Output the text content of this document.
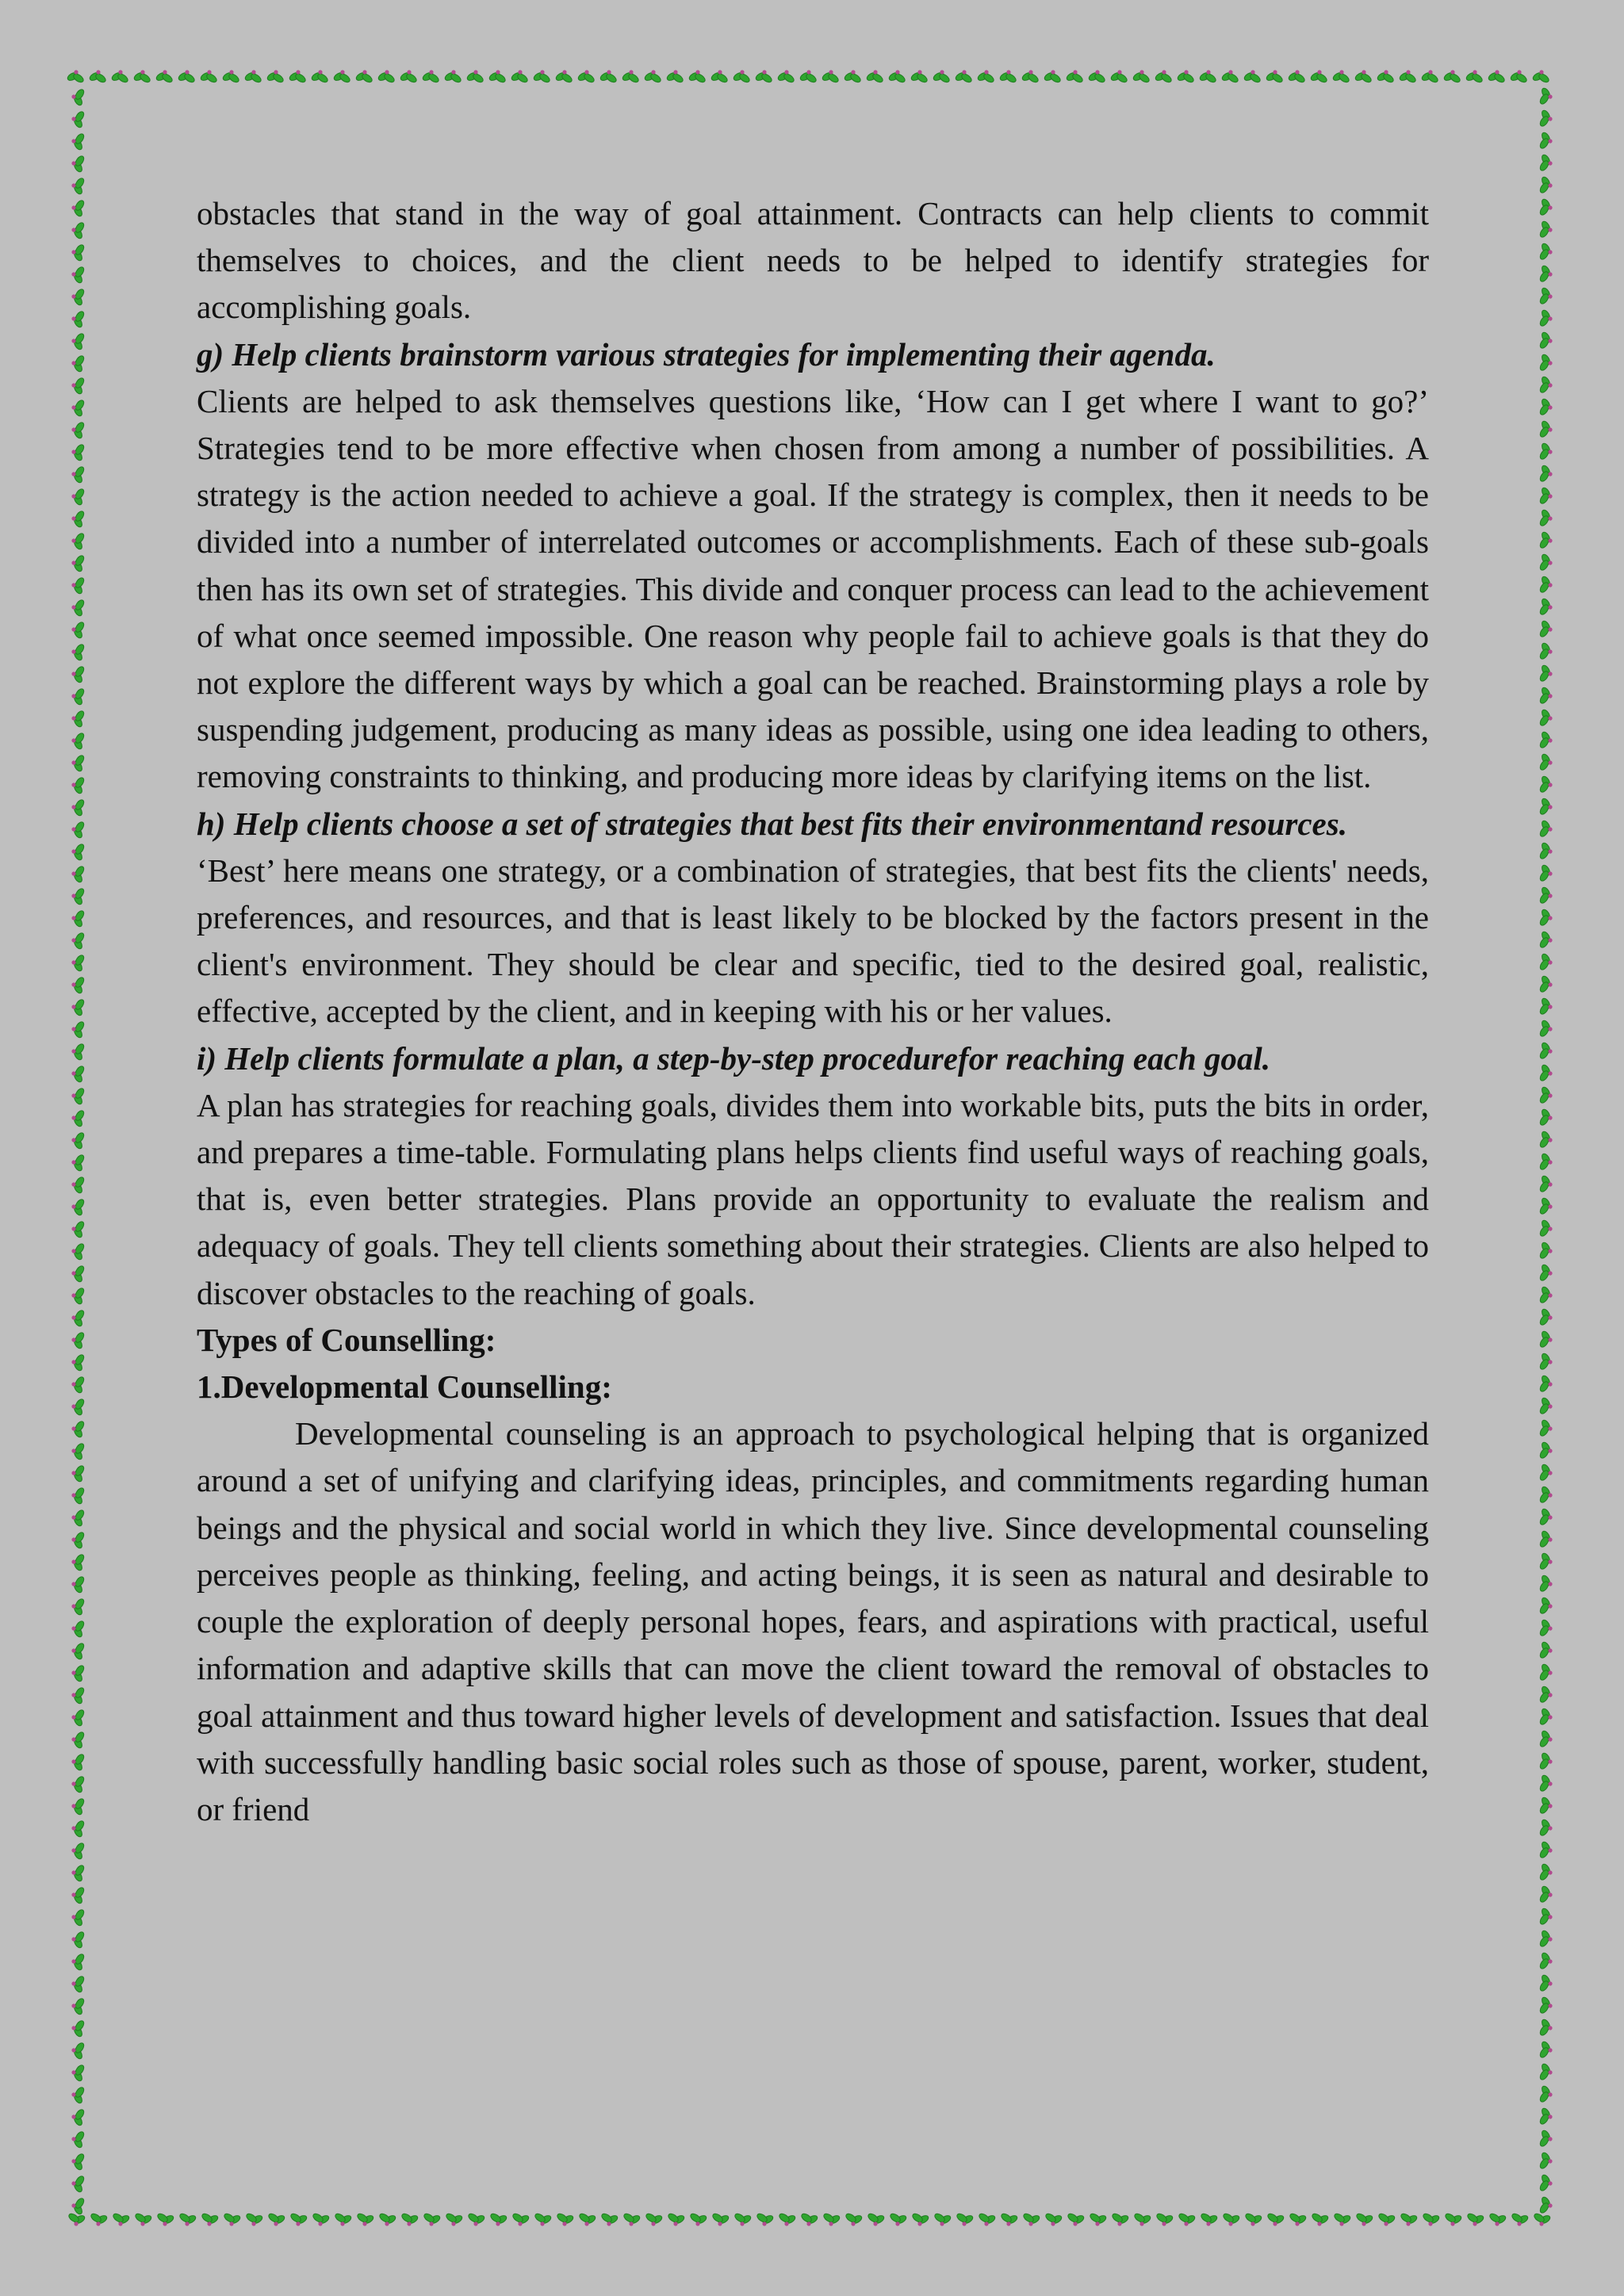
obstacles that stand in the way of goal attainment. Contracts can help clients to commit themselves to choices, and the client needs to be helped to identify strategies for accomplishing goals.

g) Help clients brainstorm various strategies for implementing their agenda.

Clients are helped to ask themselves questions like, ‘How can I get where I want to go?’ Strategies tend to be more effective when chosen from among a number of possibilities. A strategy is the action needed to achieve a goal. If the strategy is complex, then it needs to be divided into a number of interrelated outcomes or accomplishments. Each of these sub-goals then has its own set of strategies. This divide and conquer process can lead to the achievement of what once seemed impossible. One reason why people fail to achieve goals is that they do not explore the different ways by which a goal can be reached. Brainstorming plays a role by suspending judgement, producing as many ideas as possible, using one idea leading to others, removing constraints to thinking, and producing more ideas by clarifying items on the list.

h) Help clients choose a set of strategies that best fits their environmentand resources.

‘Best’ here means one strategy, or a combination of strategies, that best fits the clients' needs, preferences, and resources, and that is least likely to be blocked by the factors present in the client's environment. They should be clear and specific, tied to the desired goal, realistic, effective, accepted by the client, and in keeping with his or her values.

i) Help clients formulate a plan, a step-by-step procedurefor reaching each goal.

A plan has strategies for reaching goals, divides them into workable bits, puts the bits in order, and prepares a time-table. Formulating plans helps clients find useful ways of reaching goals, that is, even better strategies. Plans provide an opportunity to evaluate the realism and adequacy of goals. They tell clients something about their strategies. Clients are also helped to discover obstacles to the reaching of goals.

Types of Counselling:

1.Developmental Counselling:

Developmental counseling is an approach to psychological helping that is organized around a set of unifying and clarifying ideas, principles, and commitments regarding human beings and the physical and social world in which they live. Since developmental counseling perceives people as thinking, feeling, and acting beings, it is seen as natural and desirable to couple the exploration of deeply personal hopes, fears, and aspirations with practical, useful information and adaptive skills that can move the client toward the removal of obstacles to goal attainment and thus toward higher levels of development and satisfaction. Issues that deal with successfully handling basic social roles such as those of spouse, parent, worker, student, or friend
